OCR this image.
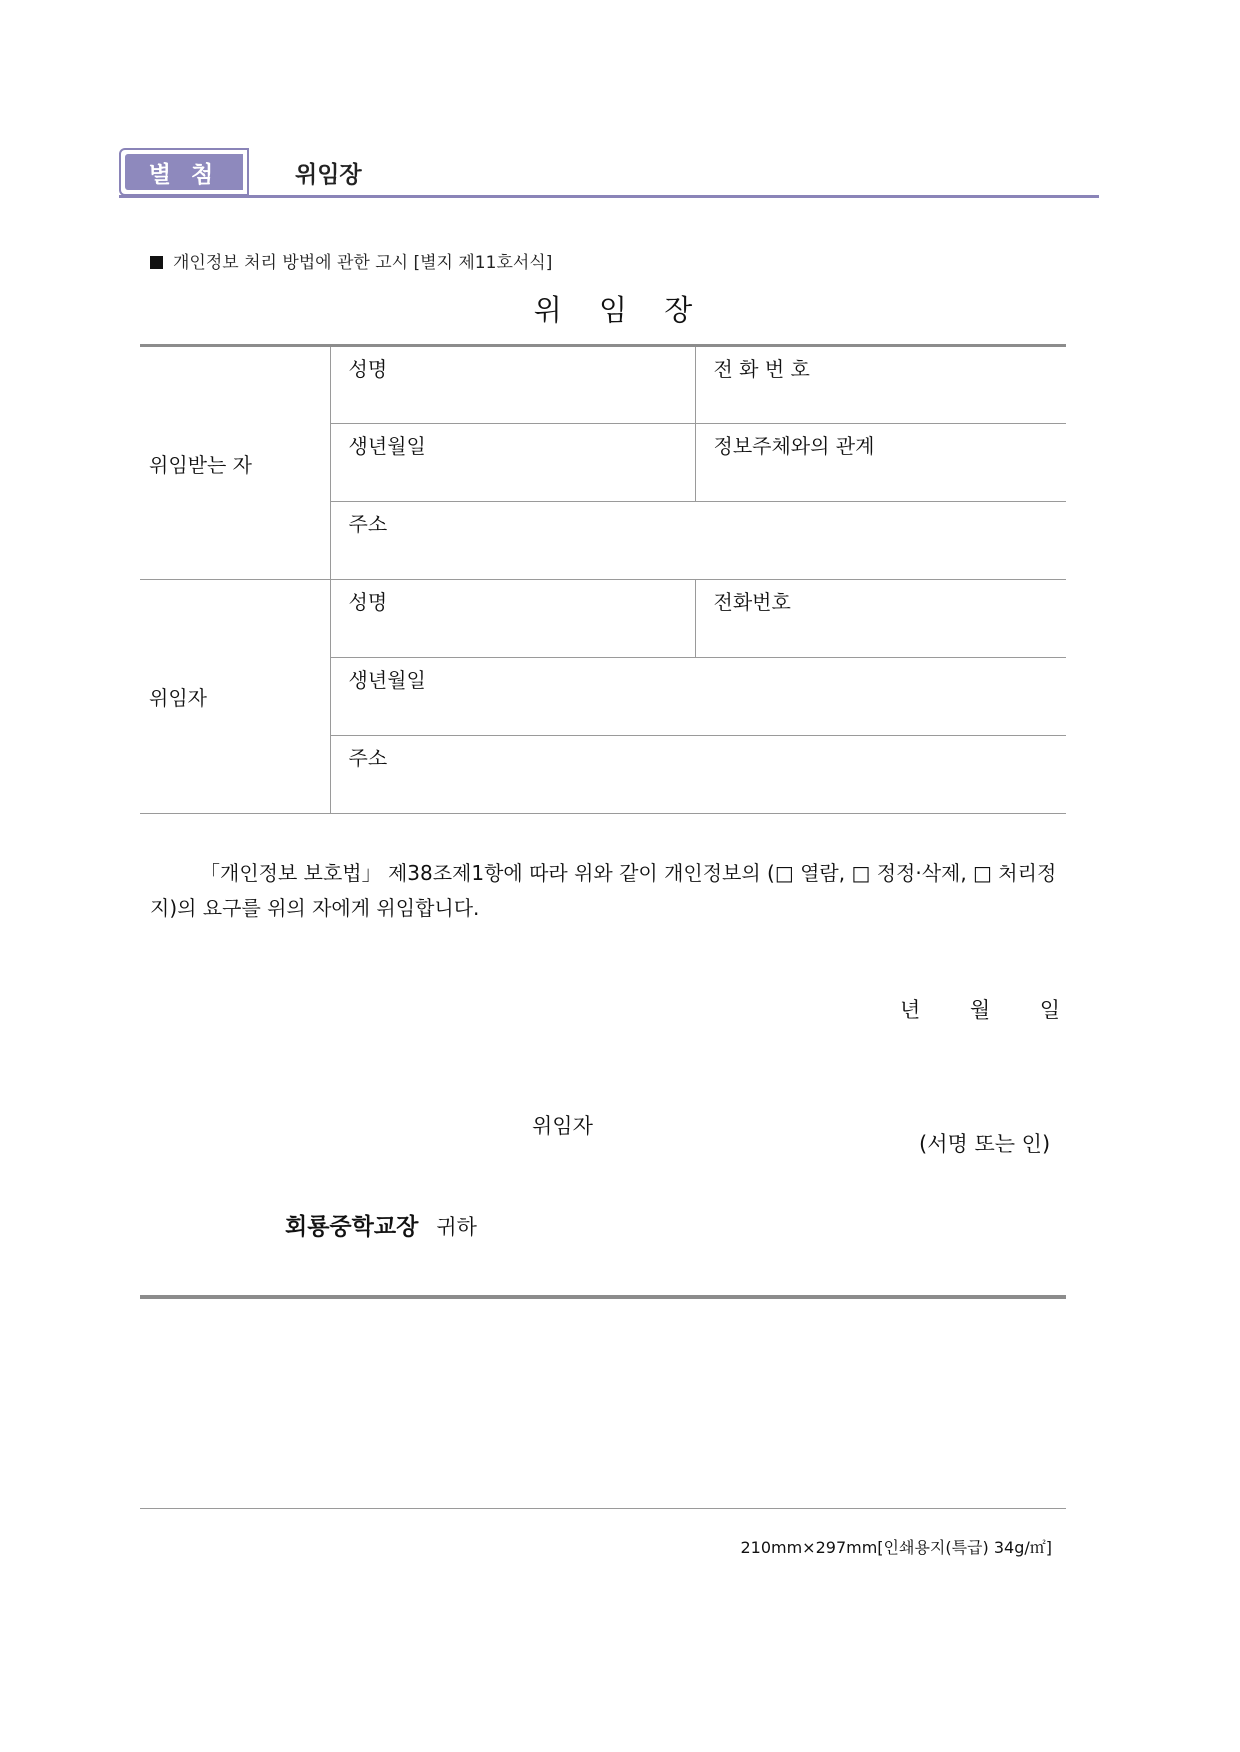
별 첨	위임장
개인정보 처리 방법에 관한 고시 [별지 제11호서식]
위 임 장
위임받는 자	성명	전 화 번 호
	생년월일	정보주체와의 관계
	주소	
위임자	성명	전화번호
	생년월일	
	주소	
「개인정보 보호법」 제38조제1항에 따라 위와 같이 개인정보의 (□ 열람, □ 정정·삭제, □ 처리정지)의 요구를 위의 자에게 위임합니다.
년 월 일
위임자
(서명 또는 인)
회룡중학교장 귀하
210mm×297mm[인쇄용지(특급) 34g/㎡]
